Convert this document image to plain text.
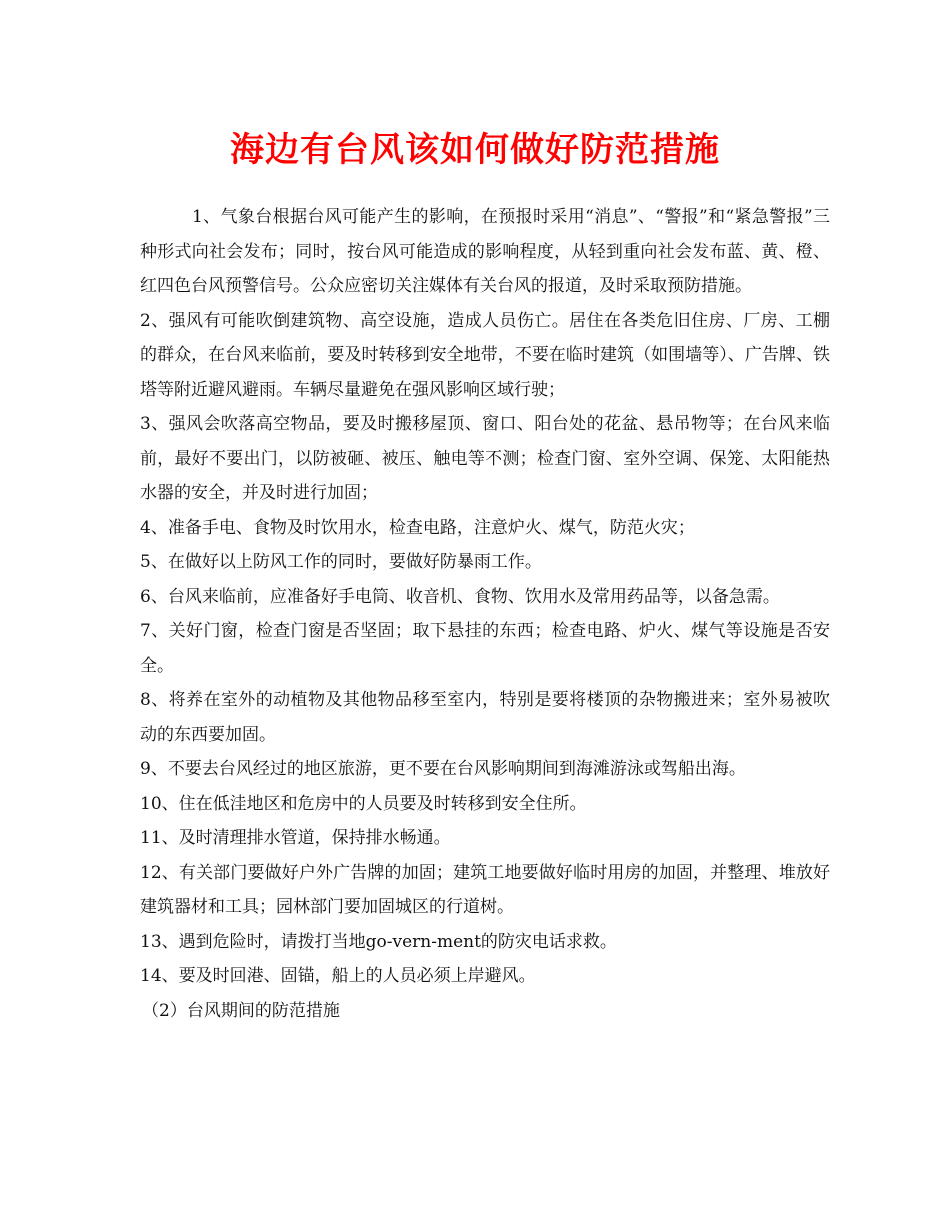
海边有台风该如何做好防范措施

1、气象台根据台风可能产生的影响，在预报时采用“消息”、“警报”和“紧急警报”三种形式向社会发布；同时，按台风可能造成的影响程度，从轻到重向社会发布蓝、黄、橙、红四色台风预警信号。公众应密切关注媒体有关台风的报道，及时采取预防措施。

2、强风有可能吹倒建筑物、高空设施，造成人员伤亡。居住在各类危旧住房、厂房、工棚的群众，在台风来临前，要及时转移到安全地带，不要在临时建筑（如围墙等）、广告牌、铁塔等附近避风避雨。车辆尽量避免在强风影响区域行驶；

3、强风会吹落高空物品，要及时搬移屋顶、窗口、阳台处的花盆、悬吊物等；在台风来临前，最好不要出门，以防被砸、被压、触电等不测；检查门窗、室外空调、保笼、太阳能热水器的安全，并及时进行加固；

4、准备手电、食物及时饮用水，检查电路，注意炉火、煤气，防范火灾；

5、在做好以上防风工作的同时，要做好防暴雨工作。

6、台风来临前，应准备好手电筒、收音机、食物、饮用水及常用药品等，以备急需。

7、关好门窗，检查门窗是否坚固；取下悬挂的东西；检查电路、炉火、煤气等设施是否安全。

8、将养在室外的动植物及其他物品移至室内，特别是要将楼顶的杂物搬进来；室外易被吹动的东西要加固。

9、不要去台风经过的地区旅游，更不要在台风影响期间到海滩游泳或驾船出海。

10、住在低洼地区和危房中的人员要及时转移到安全住所。

11、及时清理排水管道，保持排水畅通。

12、有关部门要做好户外广告牌的加固；建筑工地要做好临时用房的加固，并整理、堆放好建筑器材和工具；园林部门要加固城区的行道树。

13、遇到危险时，请拨打当地go-vern-ment的防灾电话求救。

14、要及时回港、固锚，船上的人员必须上岸避风。

（2）台风期间的防范措施
